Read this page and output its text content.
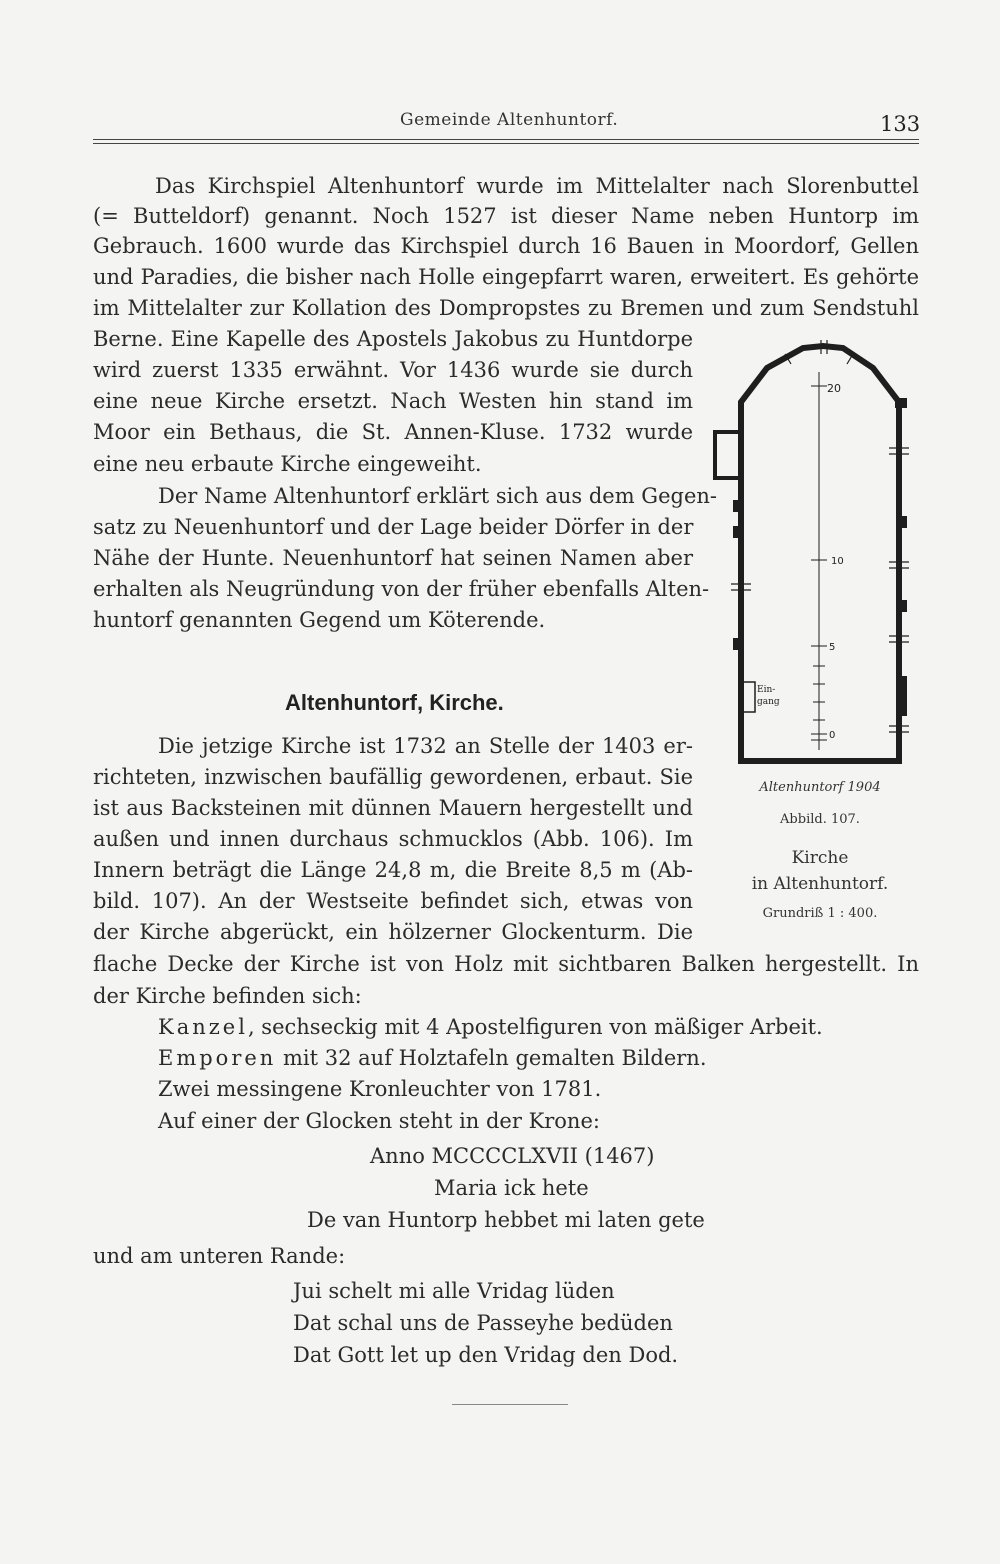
Gemeinde Altenhuntorf.	133
Das Kirchspiel Altenhuntorf wurde im Mittelalter nach Slorenbuttel
(= Butteldorf) genannt. Noch 1527 ist dieser Name neben Huntorp im
Gebrauch. 1600 wurde das Kirchspiel durch 16 Bauen in Moordorf, Gellen
und Paradies, die bisher nach Holle eingepfarrt waren, erweitert. Es gehörte
im Mittelalter zur Kollation des Dompropstes zu Bremen und zum Sendstuhl
Berne. Eine Kapelle des Apostels Jakobus zu Huntdorpe
wird zuerst 1335 erwähnt. Vor 1436 wurde sie durch
eine neue Kirche ersetzt. Nach Westen hin stand im
Moor ein Bethaus, die St. Annen-Kluse. 1732 wurde
eine neu erbaute Kirche eingeweiht.
Der Name Altenhuntorf erklärt sich aus dem Gegen-
satz zu Neuenhuntorf und der Lage beider Dörfer in der
Nähe der Hunte. Neuenhuntorf hat seinen Namen aber
erhalten als Neugründung von der früher ebenfalls Alten-
huntorf genannten Gegend um Köterende.
Altenhuntorf, Kirche.
Die jetzige Kirche ist 1732 an Stelle der 1403 er-
richteten, inzwischen baufällig gewordenen, erbaut. Sie
ist aus Backsteinen mit dünnen Mauern hergestellt und
außen und innen durchaus schmucklos (Abb. 106). Im
Innern beträgt die Länge 24,8 m, die Breite 8,5 m (Ab-
bild. 107). An der Westseite befindet sich, etwas von
der Kirche abgerückt, ein hölzerner Glockenturm. Die
flache Decke der Kirche ist von Holz mit sichtbaren Balken hergestellt. In
der Kirche befinden sich:
Kanzel, sechseckig mit 4 Apostelfiguren von mäßiger Arbeit.
Emporen mit 32 auf Holztafeln gemalten Bildern.
Zwei messingene Kronleuchter von 1781.
Auf einer der Glocken steht in der Krone:
Anno MCCCCLXVII (1467)
Maria ick hete
De van Huntorp hebbet mi laten gete
und am unteren Rande:
Jui schelt mi alle Vridag lüden
Dat schal uns de Passeyhe bedüden
Dat Gott let up den Vridag den Dod.
20
10
5
0
Ein-
gang
Altenhuntorf 1904
Abbild. 107.
Kirche
in Altenhuntorf.
Grundriß 1 : 400.
